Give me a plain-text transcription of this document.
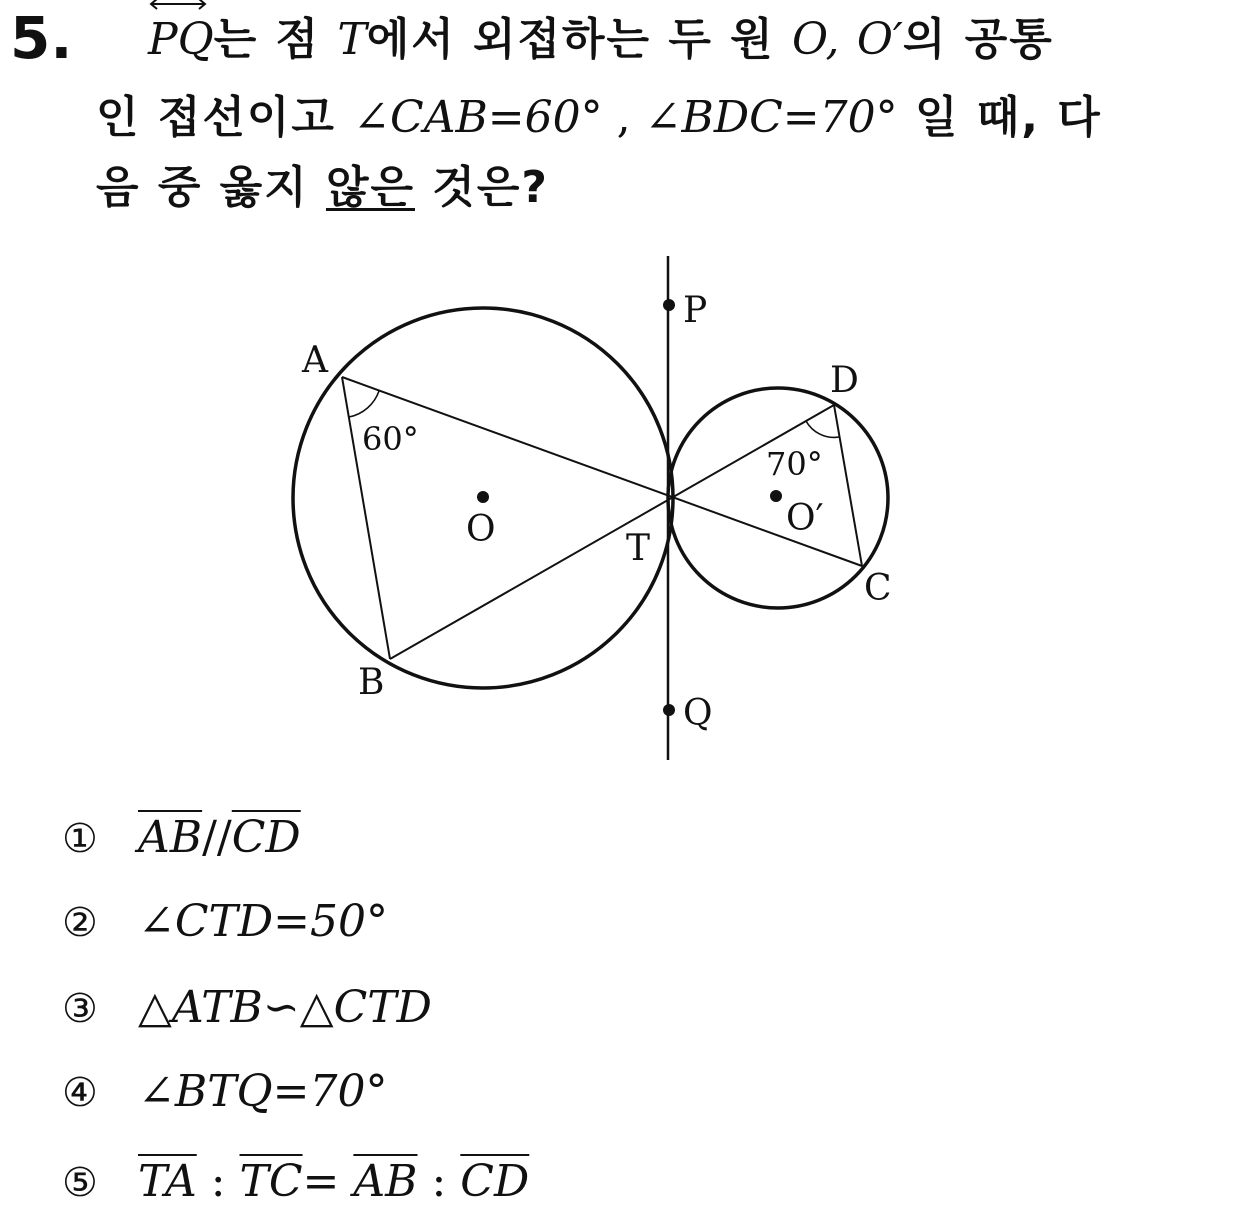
5. PQ는 점 T에서 외접하는 두 원 O, O′의 공통
인 접선이고 ∠CAB=60° , ∠BDC=70° 일 때, 다
음 중 옳지 않은 것은?
A
B
C
D
P
Q
T
O	O′
60°
70°
① $\overline{AB}//\overline{CD}$
② ∠CTD=50°
③ △ATB∽△CTD
④ ∠BTQ=70°
⑤ $\overline{TA}$ : $\overline{TC}= \overline{AB}$ : $\overline{CD}$
